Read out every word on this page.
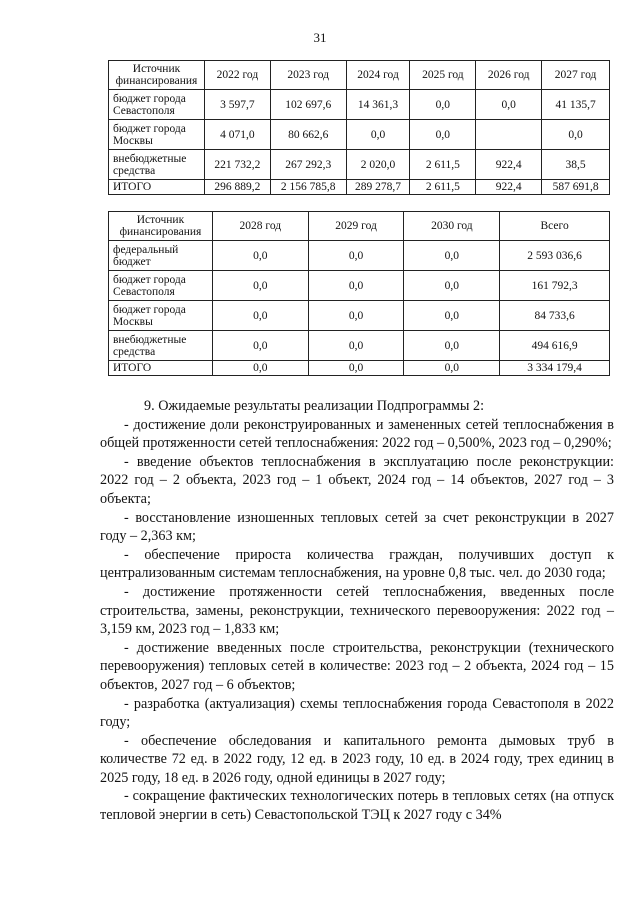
31
Источник финансирования	2022 год	2023 год	2024 год	2025 год	2026 год	2027 год
бюджет города Севастополя	3 597,7	102 697,6	14 361,3	0,0	0,0	41 135,7
бюджет города Москвы	4 071,0	80 662,6	0,0	0,0		0,0
внебюджетные средства	221 732,2	267 292,3	2 020,0	2 611,5	922,4	38,5
ИТОГО	296 889,2	2 156 785,8	289 278,7	2 611,5	922,4	587 691,8
Источник финансирования	2028 год	2029 год	2030 год	Всего
федеральный бюджет	0,0	0,0	0,0	2 593 036,6
бюджет города Севастополя	0,0	0,0	0,0	161 792,3
бюджет города Москвы	0,0	0,0	0,0	84 733,6
внебюджетные средства	0,0	0,0	0,0	494 616,9
ИТОГО	0,0	0,0	0,0	3 334 179,4

9. Ожидаемые результаты реализации Подпрограммы 2:

- достижение доли реконструированных и замененных сетей теплоснабжения в общей протяженности сетей теплоснабжения: 2022 год – 0,500%, 2023 год – 0,290%;

- введение объектов теплоснабжения в эксплуатацию после реконструкции: 2022 год – 2 объекта, 2023 год – 1 объект, 2024 год – 14 объектов, 2027 год – 3 объекта;

- восстановление изношенных тепловых сетей за счет реконструкции в 2027 году – 2,363 км;

- обеспечение прироста количества граждан, получивших доступ к централизованным системам теплоснабжения, на уровне 0,8 тыс. чел. до 2030 года;

- достижение протяженности сетей теплоснабжения, введенных после строительства, замены, реконструкции, технического перевооружения: 2022 год – 3,159 км, 2023 год – 1,833 км;

- достижение введенных после строительства, реконструкции (технического перевооружения) тепловых сетей в количестве: 2023 год – 2 объекта, 2024 год – 15 объектов, 2027 год – 6 объектов;

- разработка (актуализация) схемы теплоснабжения города Севастополя в 2022 году;

- обеспечение обследования и капитального ремонта дымовых труб в количестве 72 ед. в 2022 году, 12 ед. в 2023 году, 10 ед. в 2024 году, трех единиц в 2025 году, 18 ед. в 2026 году, одной единицы в 2027 году;

- сокращение фактических технологических потерь в тепловых сетях (на отпуск тепловой энергии в сеть) Севастопольской ТЭЦ к 2027 году с 34%
